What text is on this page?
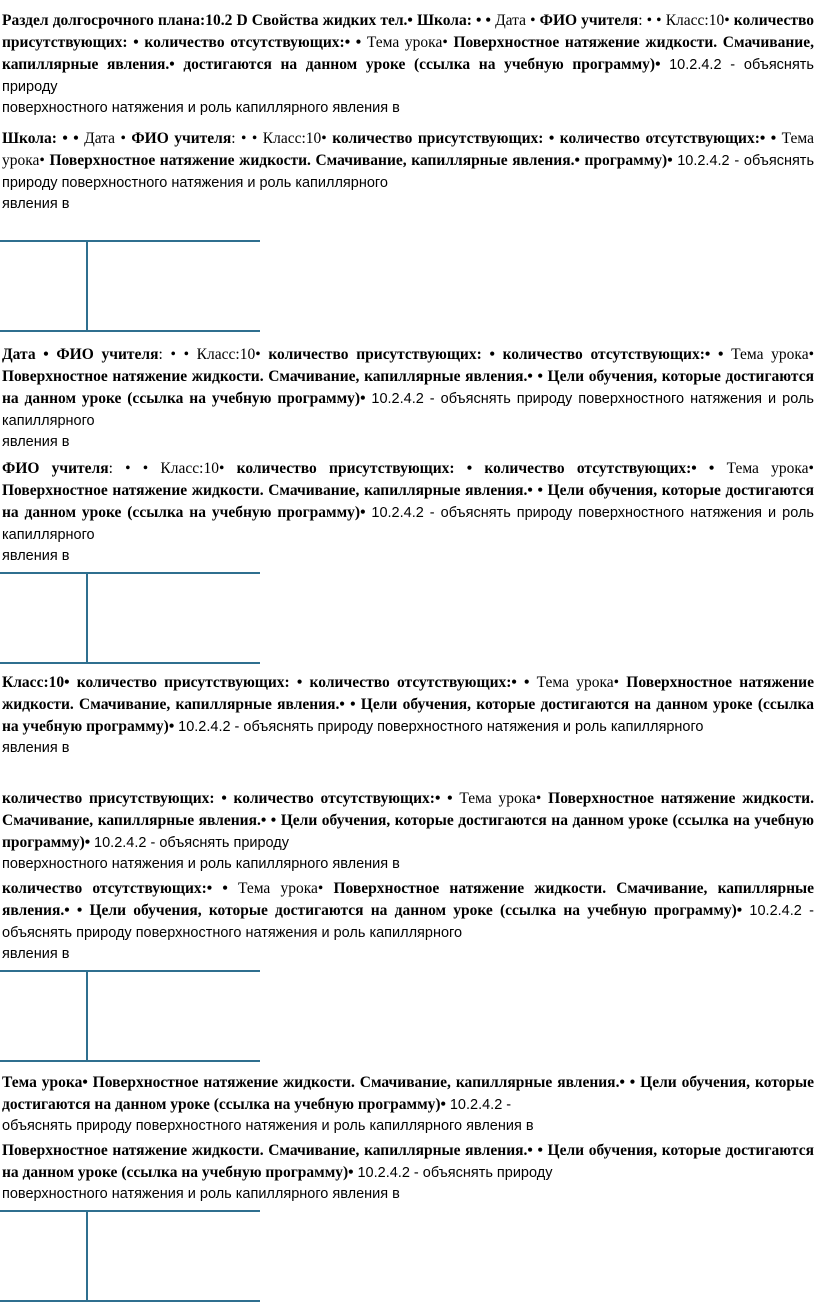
Раздел долгосрочного плана:10.2 D Свойства жидких тел.• Школа: • • Дата • ФИО учителя: • • Класс:10• количество присутствующих: • количество отсутствующих:• • Тема урока• Поверхностное натяжение жидкости. Смачивание, капиллярные явления.• достигаются на данном уроке (ссылка на учебную программу)• 10.2.4.2 - объяснять природу
поверхностного натяжения и роль капиллярного явления в

Школа: • • Дата • ФИО учителя: • • Класс:10• количество присутствующих: • количество отсутствующих:• • Тема урока• Поверхностное натяжение жидкости. Смачивание, капиллярные явления.• программу)• 10.2.4.2 - объяснять природу поверхностного натяжения и роль капиллярного
явления в

Дата • ФИО учителя: • • Класс:10• количество присутствующих: • количество отсутствующих:• • Тема урока• Поверхностное натяжение жидкости. Смачивание, капиллярные явления.• • Цели обучения, которые достигаются на данном уроке (ссылка на учебную программу)• 10.2.4.2 - объяснять природу поверхностного натяжения и роль капиллярного
явления в

ФИО учителя: • • Класс:10• количество присутствующих: • количество отсутствующих:• • Тема урока• Поверхностное натяжение жидкости. Смачивание, капиллярные явления.• • Цели обучения, которые достигаются на данном уроке (ссылка на учебную программу)• 10.2.4.2 - объяснять природу поверхностного натяжения и роль капиллярного
явления в

Класс:10• количество присутствующих: • количество отсутствующих:• • Тема урока• Поверхностное натяжение жидкости. Смачивание, капиллярные явления.• • Цели обучения, которые достигаются на данном уроке (ссылка на учебную программу)• 10.2.4.2 - объяснять природу поверхностного натяжения и роль капиллярного
явления в

количество присутствующих: • количество отсутствующих:• • Тема урока• Поверхностное натяжение жидкости. Смачивание, капиллярные явления.• • Цели обучения, которые достигаются на данном уроке (ссылка на учебную программу)• 10.2.4.2 - объяснять природу
поверхностного натяжения и роль капиллярного явления в

количество отсутствующих:• • Тема урока• Поверхностное натяжение жидкости. Смачивание, капиллярные явления.• • Цели обучения, которые достигаются на данном уроке (ссылка на учебную программу)• 10.2.4.2 - объяснять природу поверхностного натяжения и роль капиллярного
явления в

Тема урока• Поверхностное натяжение жидкости. Смачивание, капиллярные явления.• • Цели обучения, которые достигаются на данном уроке (ссылка на учебную программу)• 10.2.4.2 -
объяснять природу поверхностного натяжения и роль капиллярного явления в

Поверхностное натяжение жидкости. Смачивание, капиллярные явления.• • Цели обучения, которые достигаются на данном уроке (ссылка на учебную программу)• 10.2.4.2 - объяснять природу
поверхностного натяжения и роль капиллярного явления в
